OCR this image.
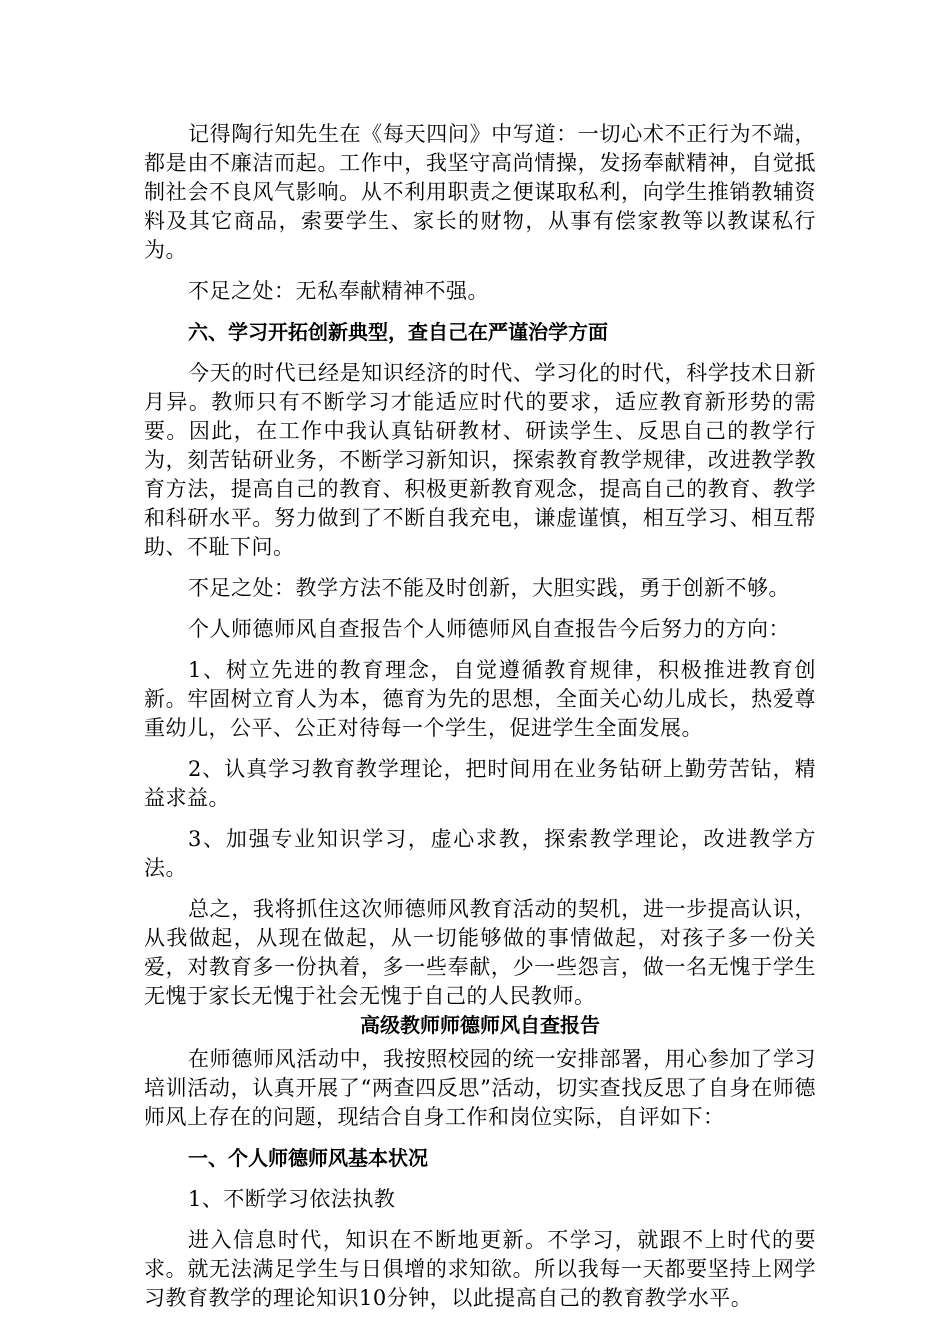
记得陶行知先生在《每天四问》中写道：一切心术不正行为不端，都是由不廉洁而起。工作中，我坚守高尚情操，发扬奉献精神，自觉抵制社会不良风气影响。从不利用职责之便谋取私利，向学生推销教辅资料及其它商品，索要学生、家长的财物，从事有偿家教等以教谋私行为。

不足之处：无私奉献精神不强。

六、学习开拓创新典型，查自己在严谨治学方面

今天的时代已经是知识经济的时代、学习化的时代，科学技术日新月异。教师只有不断学习才能适应时代的要求，适应教育新形势的需要。因此，在工作中我认真钻研教材、研读学生、反思自己的教学行为，刻苦钻研业务，不断学习新知识，探索教育教学规律，改进教学教育方法，提高自己的教育、积极更新教育观念，提高自己的教育、教学和科研水平。努力做到了不断自我充电，谦虚谨慎，相互学习、相互帮助、不耻下问。

不足之处：教学方法不能及时创新，大胆实践，勇于创新不够。

个人师德师风自查报告个人师德师风自查报告今后努力的方向：

1、树立先进的教育理念，自觉遵循教育规律，积极推进教育创新。牢固树立育人为本，德育为先的思想，全面关心幼儿成长，热爱尊重幼儿，公平、公正对待每一个学生，促进学生全面发展。

2、认真学习教育教学理论，把时间用在业务钻研上勤劳苦钻，精益求益。

3、加强专业知识学习，虚心求教，探索教学理论，改进教学方法。

总之，我将抓住这次师德师风教育活动的契机，进一步提高认识，从我做起，从现在做起，从一切能够做的事情做起，对孩子多一份关爱，对教育多一份执着，多一些奉献，少一些怨言，做一名无愧于学生无愧于家长无愧于社会无愧于自己的人民教师。

高级教师师德师风自查报告

在师德师风活动中，我按照校园的统一安排部署，用心参加了学习培训活动，认真开展了“两查四反思”活动，切实查找反思了自身在师德师风上存在的问题，现结合自身工作和岗位实际，自评如下：

一、个人师德师风基本状况

1、不断学习依法执教

进入信息时代，知识在不断地更新。不学习，就跟不上时代的要求。就无法满足学生与日俱增的求知欲。所以我每一天都要坚持上网学习教育教学的理论知识10分钟，以此提高自己的教育教学水平。
